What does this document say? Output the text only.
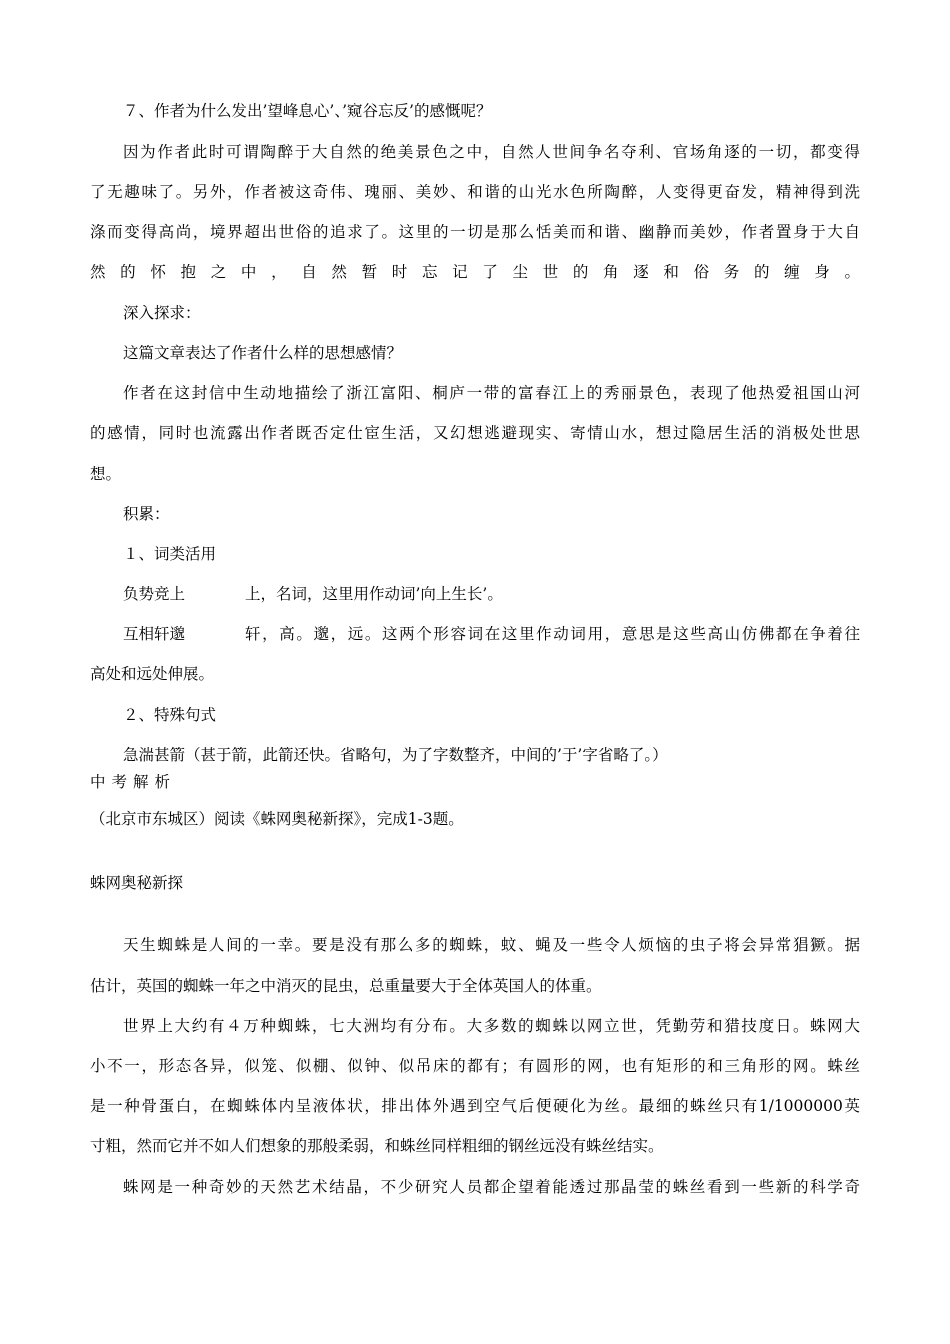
７、作者为什么发出’望峰息心’、’窥谷忘反’的感慨呢？
因为作者此时可谓陶醉于大自然的绝美景色之中，自然人世间争名夺利、官场角逐的一切，都变得
了无趣味了。另外，作者被这奇伟、瑰丽、美妙、和谐的山光水色所陶醉，人变得更奋发，精神得到洗
涤而变得高尚，境界超出世俗的追求了。这里的一切是那么恬美而和谐、幽静而美妙，作者置身于大自
然的怀抱之中，自然暂时忘记了尘世的角逐和俗务的缠身。
深入探求：
这篇文章表达了作者什么样的思想感情？
作者在这封信中生动地描绘了浙江富阳、桐庐一带的富春江上的秀丽景色，表现了他热爱祖国山河
的感情，同时也流露出作者既否定仕宦生活，又幻想逃避现实、寄情山水，想过隐居生活的消极处世思
想。
积累：
１、词类活用
负势竞上	上，名词，这里用作动词’向上生长’。
互相轩邈	轩，高。邈，远。这两个形容词在这里作动词用，意思是这些高山仿佛都在争着往
高处和远处伸展。
２、特殊句式
急湍甚箭（甚于箭，此箭还快。省略句，为了字数整齐，中间的’于’字省略了。）
中考解析
（北京市东城区）阅读《蛛网奥秘新探》，完成1-3题。
蛛网奥秘新探
天生蜘蛛是人间的一幸。要是没有那么多的蜘蛛，蚊、蝇及一些令人烦恼的虫子将会异常猖獗。据
估计，英国的蜘蛛一年之中消灭的昆虫，总重量要大于全体英国人的体重。
世界上大约有４万种蜘蛛，七大洲均有分布。大多数的蜘蛛以网立世，凭勤劳和猎技度日。蛛网大
小不一，形态各异，似笼、似棚、似钟、似吊床的都有；有圆形的网，也有矩形的和三角形的网。蛛丝
是一种骨蛋白，在蜘蛛体内呈液体状，排出体外遇到空气后便硬化为丝。最细的蛛丝只有1/1000000英
寸粗，然而它并不如人们想象的那般柔弱，和蛛丝同样粗细的钢丝远没有蛛丝结实。
蛛网是一种奇妙的天然艺术结晶，不少研究人员都企望着能透过那晶莹的蛛丝看到一些新的科学奇
